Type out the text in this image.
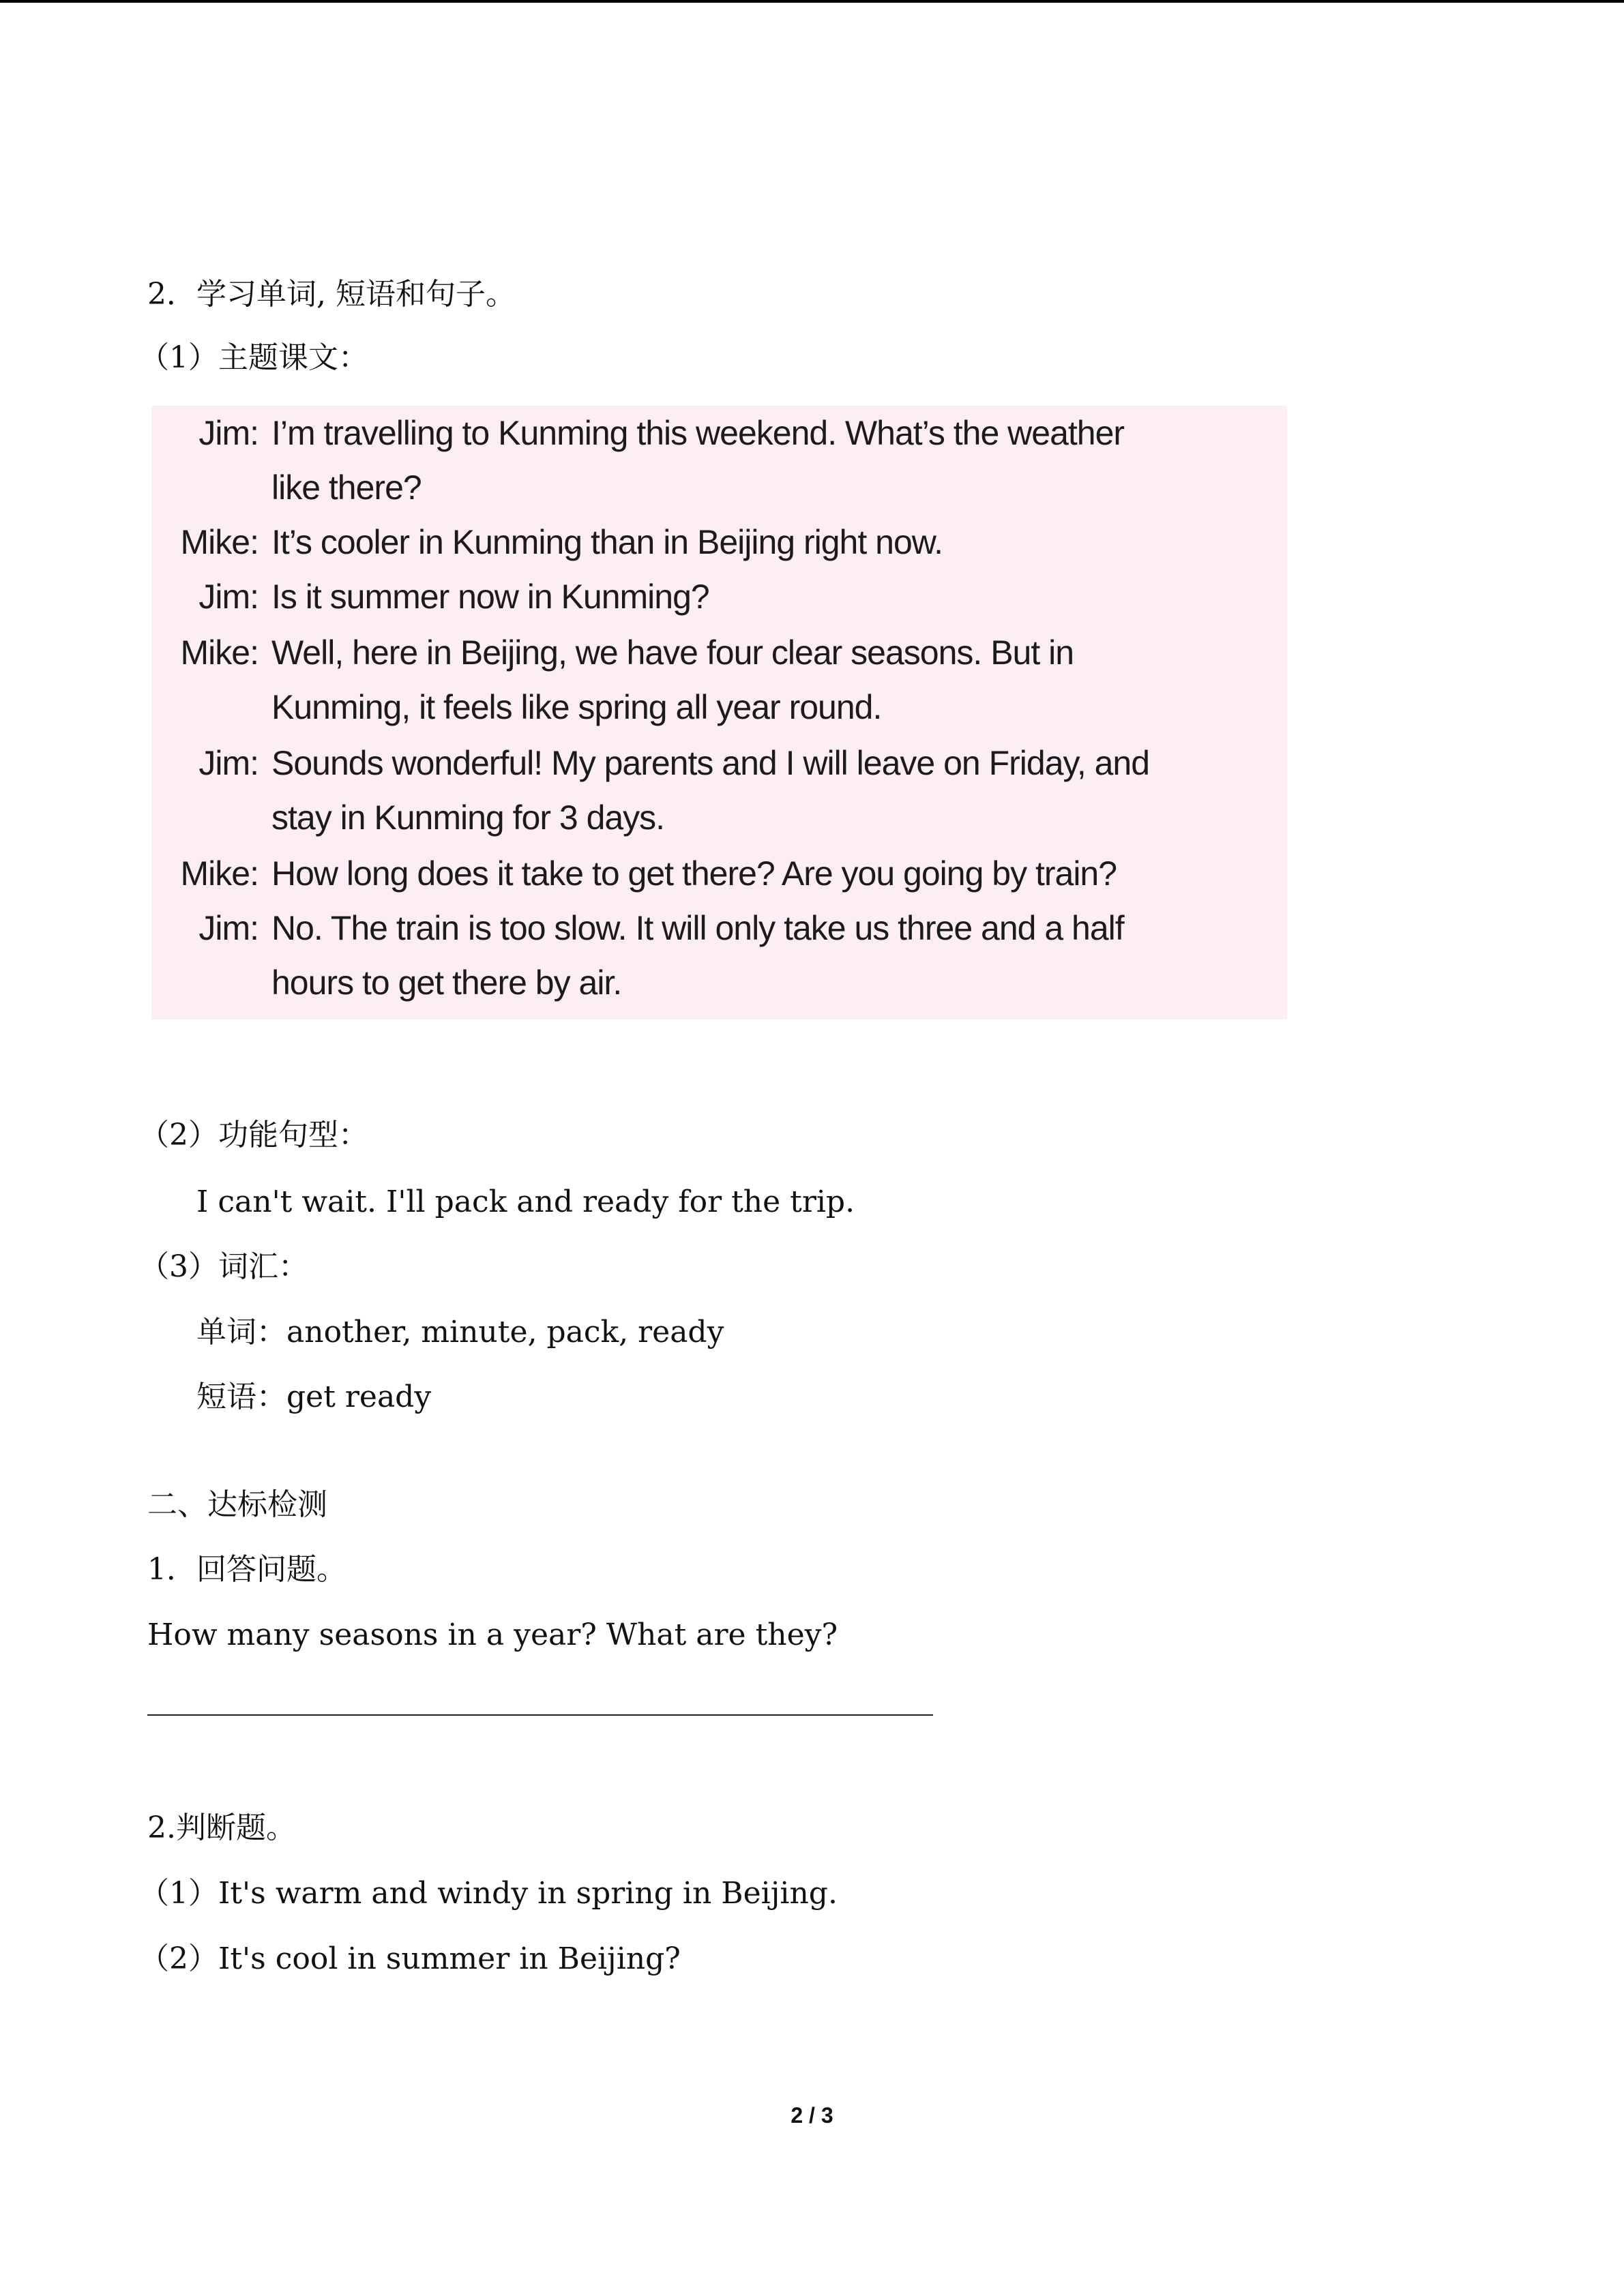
2．学习单词, 短语和句子。
（1）主题课文：
Jim: I’m travelling to Kunming this weekend. What’s the weather
like there?
Mike: It’s cooler in Kunming than in Beijing right now.
Jim: Is it summer now in Kunming?
Mike: Well, here in Beijing, we have four clear seasons. But in
Kunming, it feels like spring all year round.
Jim: Sounds wonderful! My parents and I will leave on Friday, and
stay in Kunming for 3 days.
Mike: How long does it take to get there? Are you going by train?
Jim: No. The train is too slow. It will only take us three and a half
hours to get there by air.
（2）功能句型：
I can't wait. I'll pack and ready for the trip.
（3）词汇：
单词：another, minute, pack, ready
短语：get ready
二、达标检测
1．回答问题。
How many seasons in a year? What are they?
2.判断题。
（1）It's warm and windy in spring in Beijing.
（2）It's cool in summer in Beijing?
2 / 3
